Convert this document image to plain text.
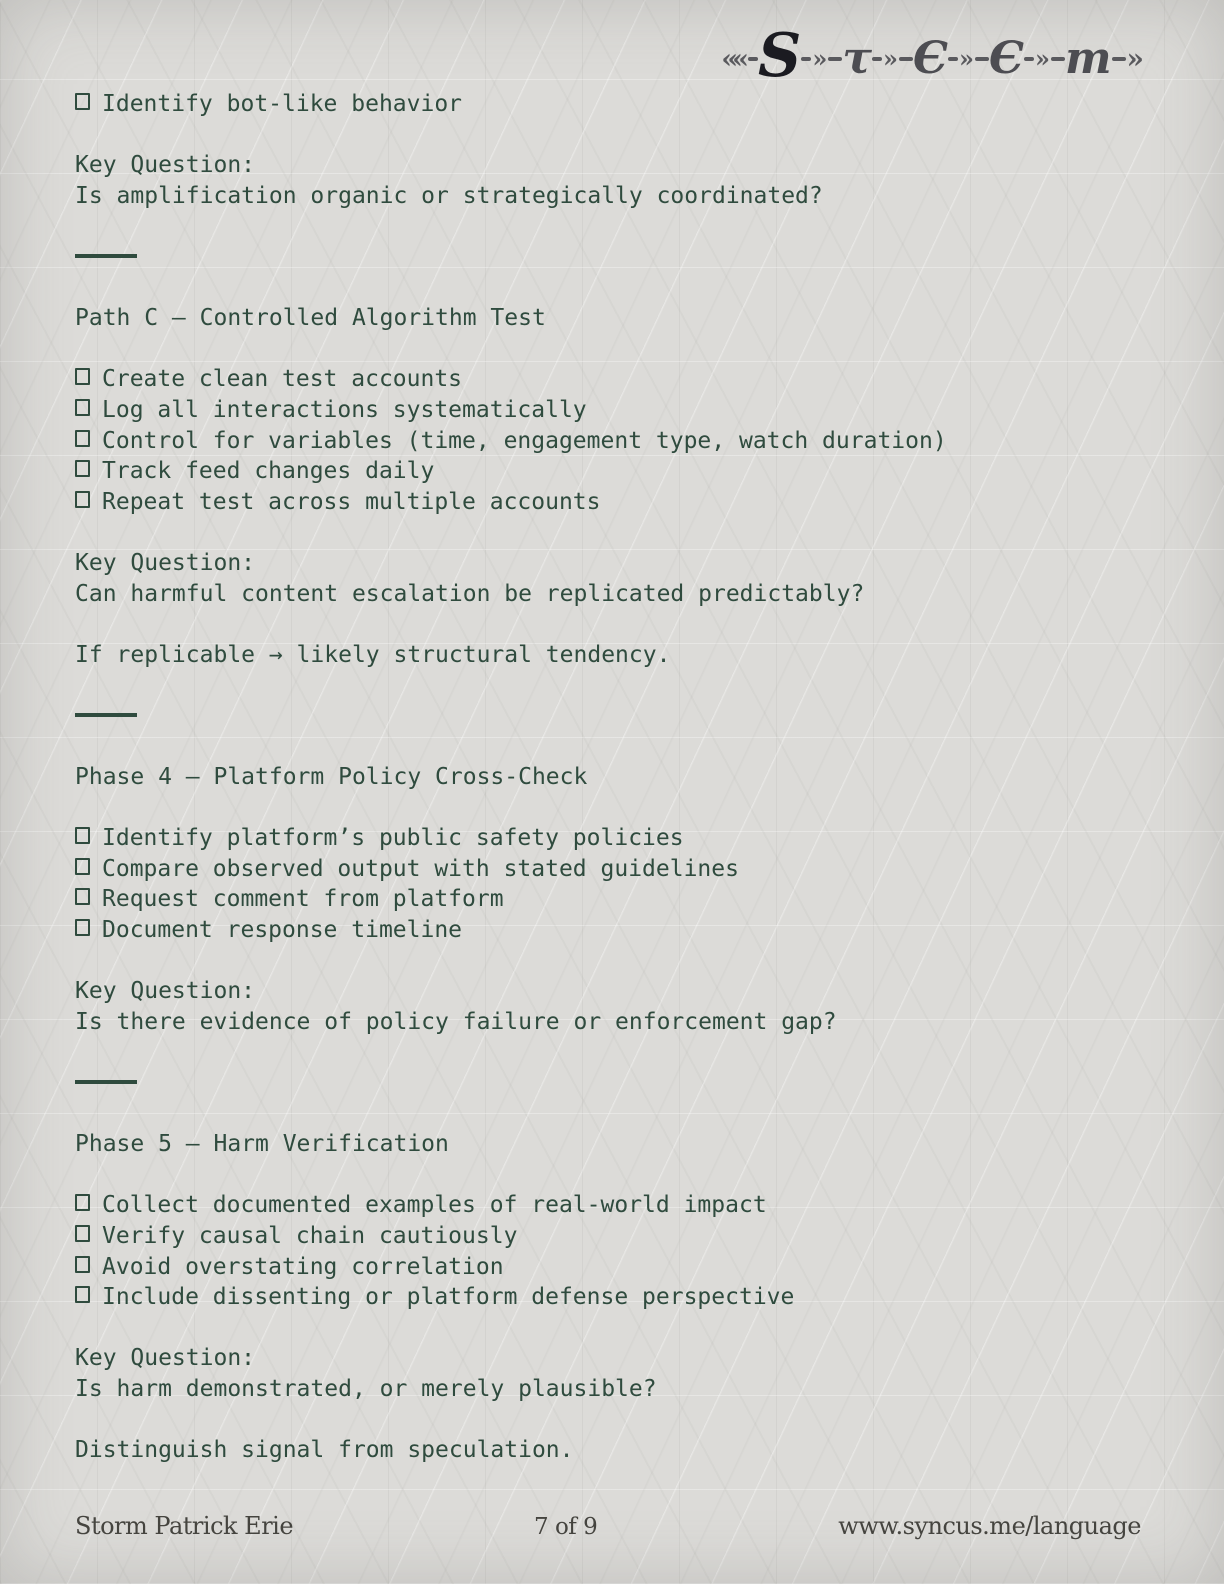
«« S » τ » Є » Є » m »
Identify bot-like behavior
Key Question:
Is amplification organic or strategically coordinated?
Path C — Controlled Algorithm Test
Create clean test accounts
Log all interactions systematically
Control for variables (time, engagement type, watch duration)
Track feed changes daily
Repeat test across multiple accounts
Key Question:
Can harmful content escalation be replicated predictably?
If replicable → likely structural tendency.
Phase 4 — Platform Policy Cross-Check
Identify platform’s public safety policies
Compare observed output with stated guidelines
Request comment from platform
Document response timeline
Key Question:
Is there evidence of policy failure or enforcement gap?
Phase 5 — Harm Verification
Collect documented examples of real-world impact
Verify causal chain cautiously
Avoid overstating correlation
Include dissenting or platform defense perspective
Key Question:
Is harm demonstrated, or merely plausible?
Distinguish signal from speculation.
Storm Patrick Erie	7 of 9	www.syncus.me/language
